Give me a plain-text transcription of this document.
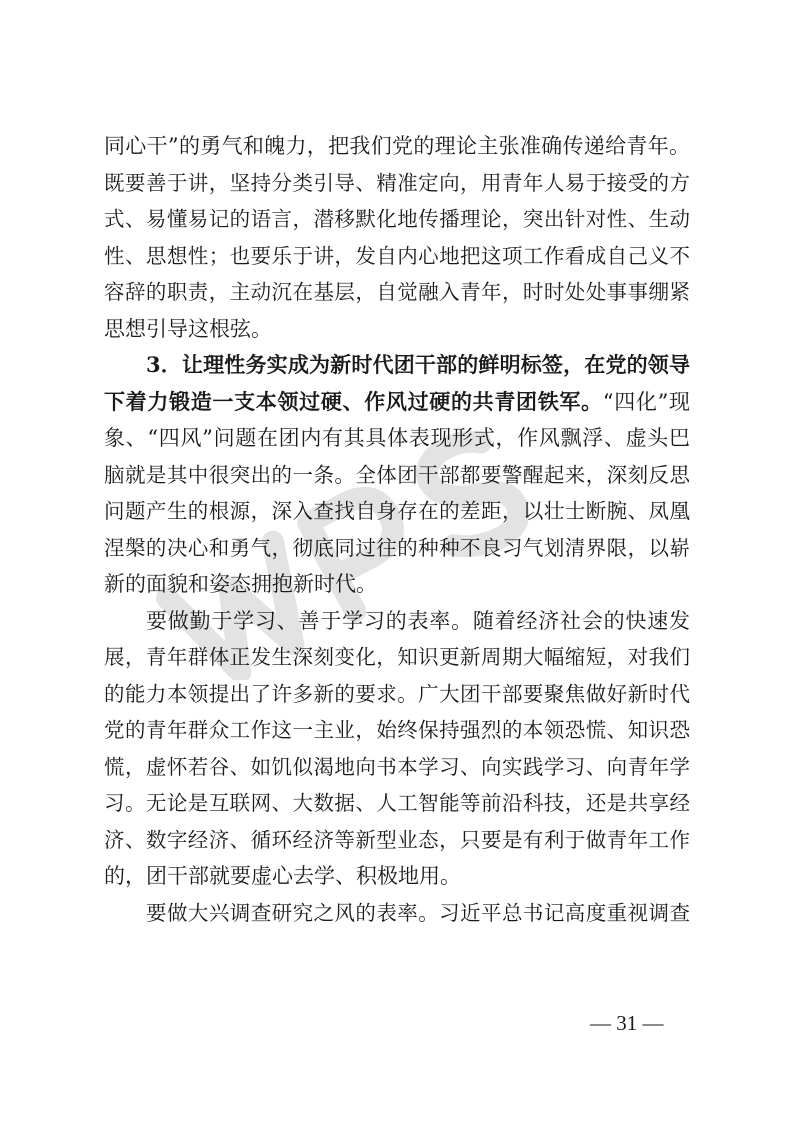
同心干”的勇气和魄力，把我们党的理论主张准确传递给青年。
既要善于讲，坚持分类引导、精准定向，用青年人易于接受的方
式、易懂易记的语言，潜移默化地传播理论，突出针对性、生动
性、思想性；也要乐于讲，发自内心地把这项工作看成自己义不
容辞的职责，主动沉在基层，自觉融入青年，时时处处事事绷紧
思想引导这根弦。
3．让理性务实成为新时代团干部的鲜明标签，在党的领导
下着力锻造一支本领过硬、作风过硬的共青团铁军。“四化”现
象、“四风”问题在团内有其具体表现形式，作风飘浮、虚头巴
脑就是其中很突出的一条。全体团干部都要警醒起来，深刻反思
问题产生的根源，深入查找自身存在的差距，以壮士断腕、凤凰
涅槃的决心和勇气，彻底同过往的种种不良习气划清界限，以崭
新的面貌和姿态拥抱新时代。
要做勤于学习、善于学习的表率。随着经济社会的快速发
展，青年群体正发生深刻变化，知识更新周期大幅缩短，对我们
的能力本领提出了许多新的要求。广大团干部要聚焦做好新时代
党的青年群众工作这一主业，始终保持强烈的本领恐慌、知识恐
慌，虚怀若谷、如饥似渴地向书本学习、向实践学习、向青年学
习。无论是互联网、大数据、人工智能等前沿科技，还是共享经
济、数字经济、循环经济等新型业态，只要是有利于做青年工作
的，团干部就要虚心去学、积极地用。
要做大兴调查研究之风的表率。习近平总书记高度重视调查
— 31 —
